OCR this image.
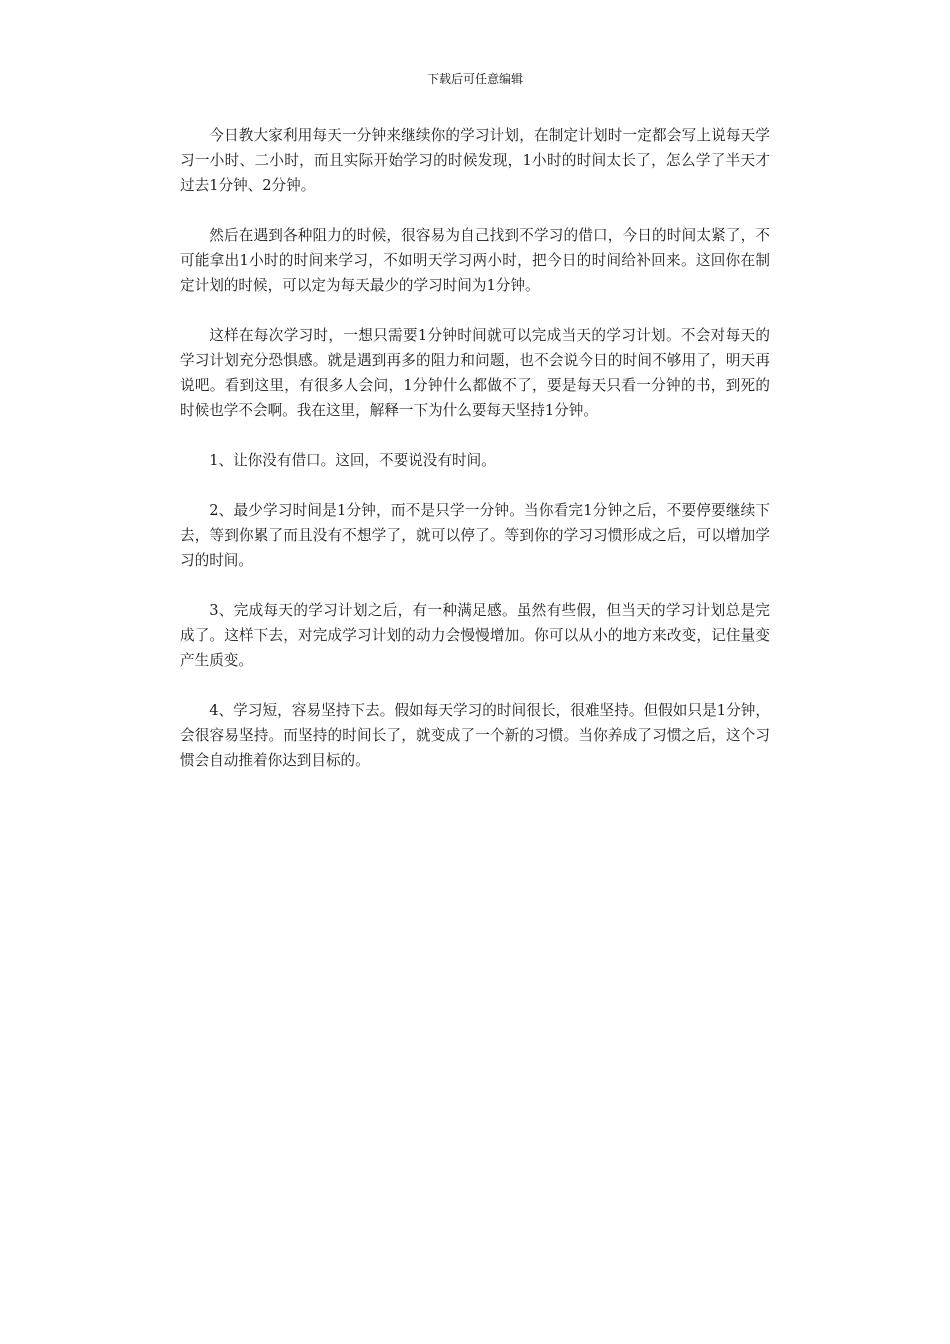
下载后可任意编辑

今日教大家利用每天一分钟来继续你的学习计划，在制定计划时一定都会写上说每天学习一小时、二小时，而且实际开始学习的时候发现，1小时的时间太长了，怎么学了半天才过去1分钟、2分钟。

然后在遇到各种阻力的时候，很容易为自己找到不学习的借口，今日的时间太紧了，不可能拿出1小时的时间来学习，不如明天学习两小时，把今日的时间给补回来。这回你在制定计划的时候，可以定为每天最少的学习时间为1分钟。

这样在每次学习时，一想只需要1分钟时间就可以完成当天的学习计划。不会对每天的学习计划充分恐惧感。就是遇到再多的阻力和问题，也不会说今日的时间不够用了，明天再说吧。看到这里，有很多人会问，1分钟什么都做不了，要是每天只看一分钟的书，到死的时候也学不会啊。我在这里，解释一下为什么要每天坚持1分钟。

1、让你没有借口。这回，不要说没有时间。

2、最少学习时间是1分钟，而不是只学一分钟。当你看完1分钟之后，不要停要继续下去，等到你累了而且没有不想学了，就可以停了。等到你的学习习惯形成之后，可以增加学习的时间。

3、完成每天的学习计划之后，有一种满足感。虽然有些假，但当天的学习计划总是完成了。这样下去，对完成学习计划的动力会慢慢增加。你可以从小的地方来改变，记住量变产生质变。

4、学习短，容易坚持下去。假如每天学习的时间很长，很难坚持。但假如只是1分钟，会很容易坚持。而坚持的时间长了，就变成了一个新的习惯。当你养成了习惯之后，这个习惯会自动推着你达到目标的。
